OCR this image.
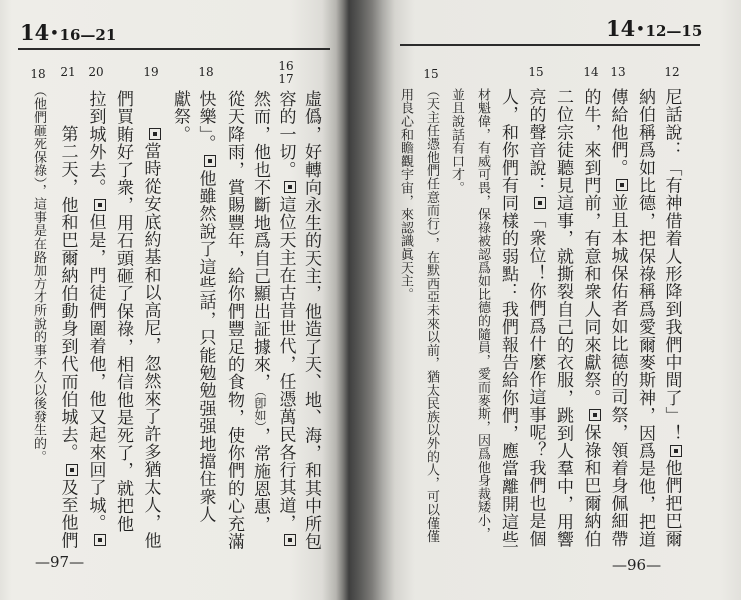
14•16—21
16
17
18
19
20
21
虛僞，好轉向永生的天主，他造了天、地、海，和其中所包
容的一切。這位天主在古昔世代，任憑萬民各行其道，
然而，他也不斷地爲自己顯出証據來，（卽如），常施恩惠，
從天降雨，賞賜豐年，給你們豐足的食物，使你們的心充滿
快樂」。他雖然說了這些話，只能勉勉强强地擋住衆人
獻祭。
當時從安底約基和以高尼，忽然來了許多猶太人，他
們買賄好了衆，用石頭砸了保祿，相信他是死了，就把他
拉到城外去。但是，門徒們圍着他，他又起來回了城。
第二天，他和巴爾納伯動身到代而伯城去。及至他們
18
（他們砸死保祿），這事是在路加方才所說的事不久以後發生的。
—97—
14•12—15
12
13
14
15
尼話說：「有神借着人形降到我們中間了」！他們把巴爾
納伯稱爲如比德，把保祿稱爲愛爾麥斯神，因爲是他，把道
傳給他們。並且本城保佑者如比德的司祭，領着身佩細帶
的牛，來到門前，有意和衆人同來獻祭。保祿和巴爾納伯
二位宗徒聽見這事，就撕裂自己的衣服，跳到人羣中，用響
亮的聲音說：「衆位！你們爲什麼作這事呢？我們也是個
人，和你們有同樣的弱點：我們報告給你們，應當離開這些
材魁偉，有威可畏，保祿被認爲如比德的隨員，愛而麥斯，因爲他身裁矮小，
並且說話有口才。
15
（天主任憑他們任意而行），在默西亞未來以前，猶太民族以外的人，可以僅僅
用良心和瞻觀宇宙，來認識眞天主。
—96—
